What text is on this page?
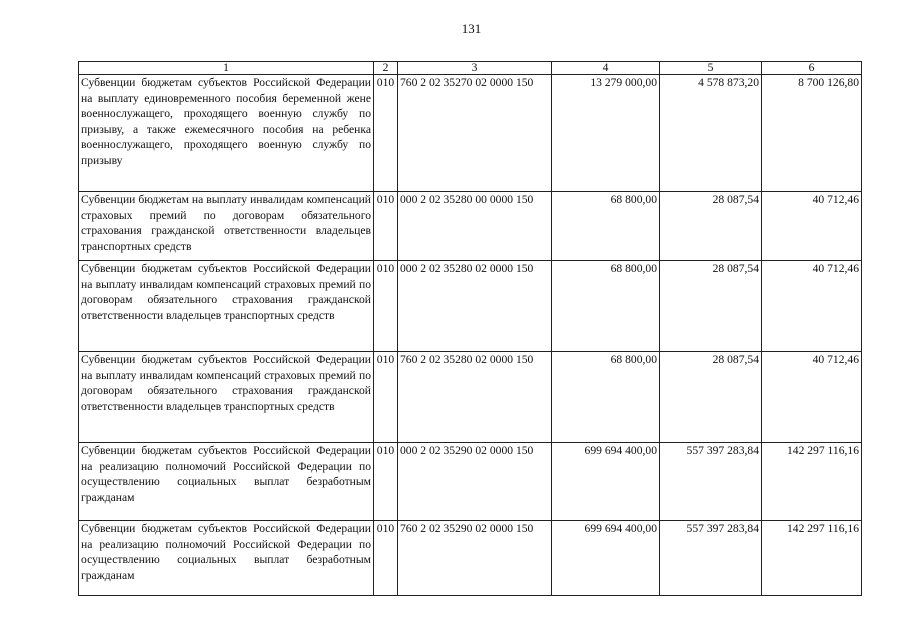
131
1	2	3	4	5	6
Субвенции бюджетам субъектов Российской Федерации на выплату единовременного пособия беременной жене военнослужащего, проходящего военную службу по призыву, а также ежемесячного пособия на ребенка военнослужащего, проходящего военную службу по призыву	010	760 2 02 35270 02 0000 150	13 279 000,00	4 578 873,20	8 700 126,80
Субвенции бюджетам на выплату инвалидам компенсаций страховых премий по договорам обязательного страхования гражданской ответственности владельцев транспортных средств	010	000 2 02 35280 00 0000 150	68 800,00	28 087,54	40 712,46
Субвенции бюджетам субъектов Российской Федерации на выплату инвалидам компенсаций страховых премий по договорам обязательного страхования гражданской ответственности владельцев транспортных средств	010	000 2 02 35280 02 0000 150	68 800,00	28 087,54	40 712,46
Субвенции бюджетам субъектов Российской Федерации на выплату инвалидам компенсаций страховых премий по договорам обязательного страхования гражданской ответственности владельцев транспортных средств	010	760 2 02 35280 02 0000 150	68 800,00	28 087,54	40 712,46
Субвенции бюджетам субъектов Российской Федерации на реализацию полномочий Российской Федерации по осуществлению социальных выплат безработным гражданам	010	000 2 02 35290 02 0000 150	699 694 400,00	557 397 283,84	142 297 116,16
Субвенции бюджетам субъектов Российской Федерации на реализацию полномочий Российской Федерации по осуществлению социальных выплат безработным гражданам	010	760 2 02 35290 02 0000 150	699 694 400,00	557 397 283,84	142 297 116,16
